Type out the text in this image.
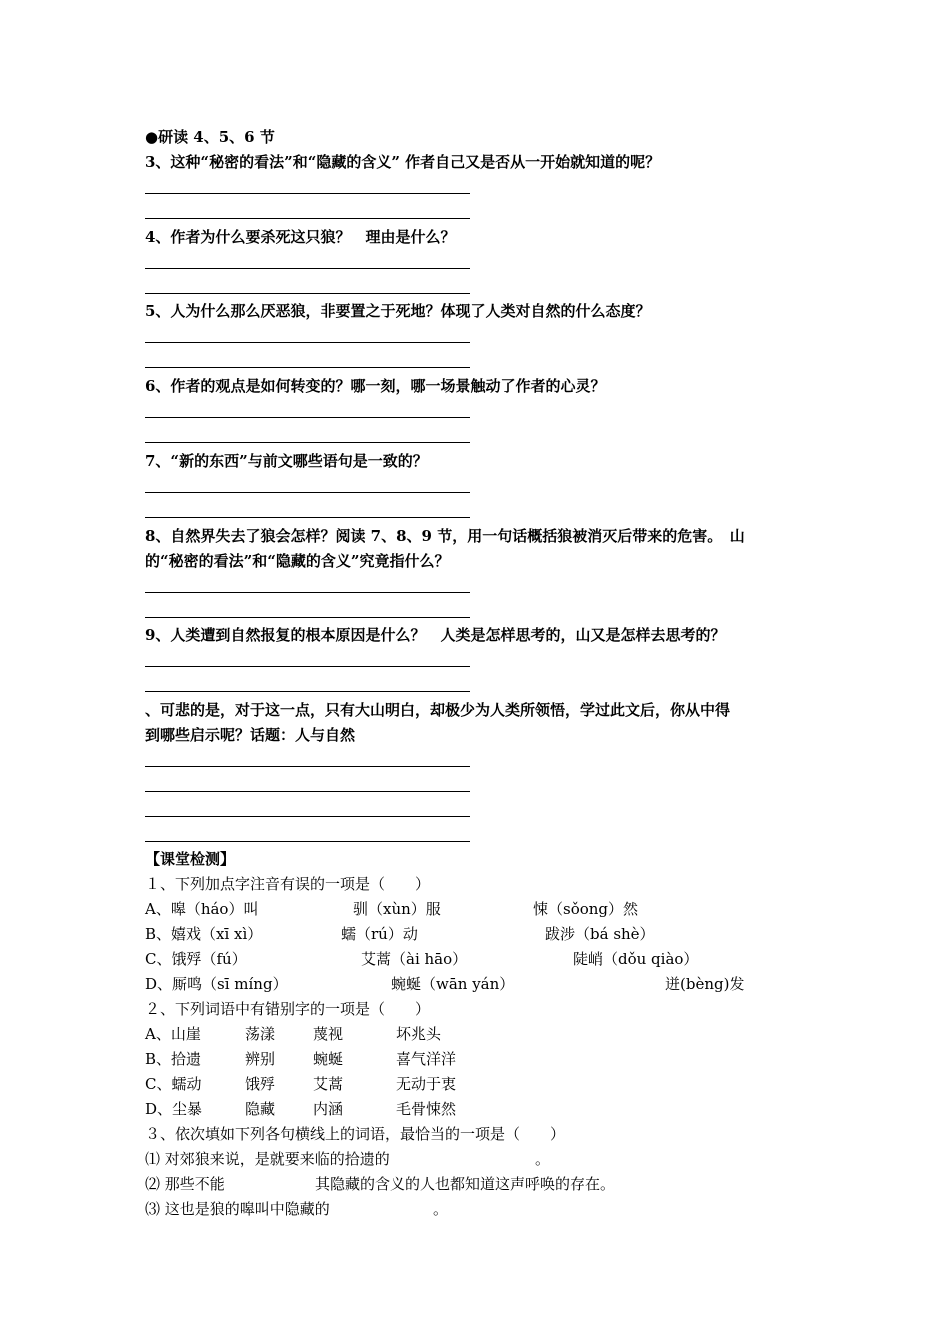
●研读 4、5、6 节
3、这种“秘密的看法”和“隐藏的含义” 作者自己又是否从一开始就知道的呢？
4、作者为什么要杀死这只狼？　理由是什么？
5、人为什么那么厌恶狼，非要置之于死地？体现了人类对自然的什么态度？
6、作者的观点是如何转变的？哪一刻，哪一场景触动了作者的心灵？
7、“新的东西”与前文哪些语句是一致的？
8、自然界失去了狼会怎样？阅读 7、8、9 节，用一句话概括狼被消灭后带来的危害。　山
的“秘密的看法”和“隐藏的含义”究竟指什么？
9、人类遭到自然报复的根本原因是什么？　人类是怎样思考的，山又是怎样去思考的？
、可悲的是，对于这一点，只有大山明白，却极少为人类所领悟，学过此文后，你从中得
到哪些启示呢？话题：人与自然
【课堂检测】
１、下列加点字注音有误的一项是（　　）
A、嗥（háo）叫	驯（xùn）服	悚（sǒong）然
B、嬉戏（xī xì）	蠕（rú）动	跋涉（bá shè）
C、饿殍（fú）	艾蒿（ài hāo）	陡峭（dǒu qiào）
D、厮鸣（sī míng）	蜿蜒（wān yán）	迸(bèng)发
２、下列词语中有错别字的一项是（　　）
A、山崖	荡漾	蔑视	坏兆头
B、拾遗	辨别	蜿蜒	喜气洋洋
C、蠕动	饿殍	艾蒿	无动于衷
D、尘暴	隐藏	内涵	毛骨悚然
３、依次填如下列各句横线上的词语，最恰当的一项是（　　）
⑴ 对郊狼来说，是就要来临的拾遗的	。
⑵ 那些不能	其隐藏的含义的人也都知道这声呼唤的存在。
⑶ 这也是狼的嗥叫中隐藏的	。
